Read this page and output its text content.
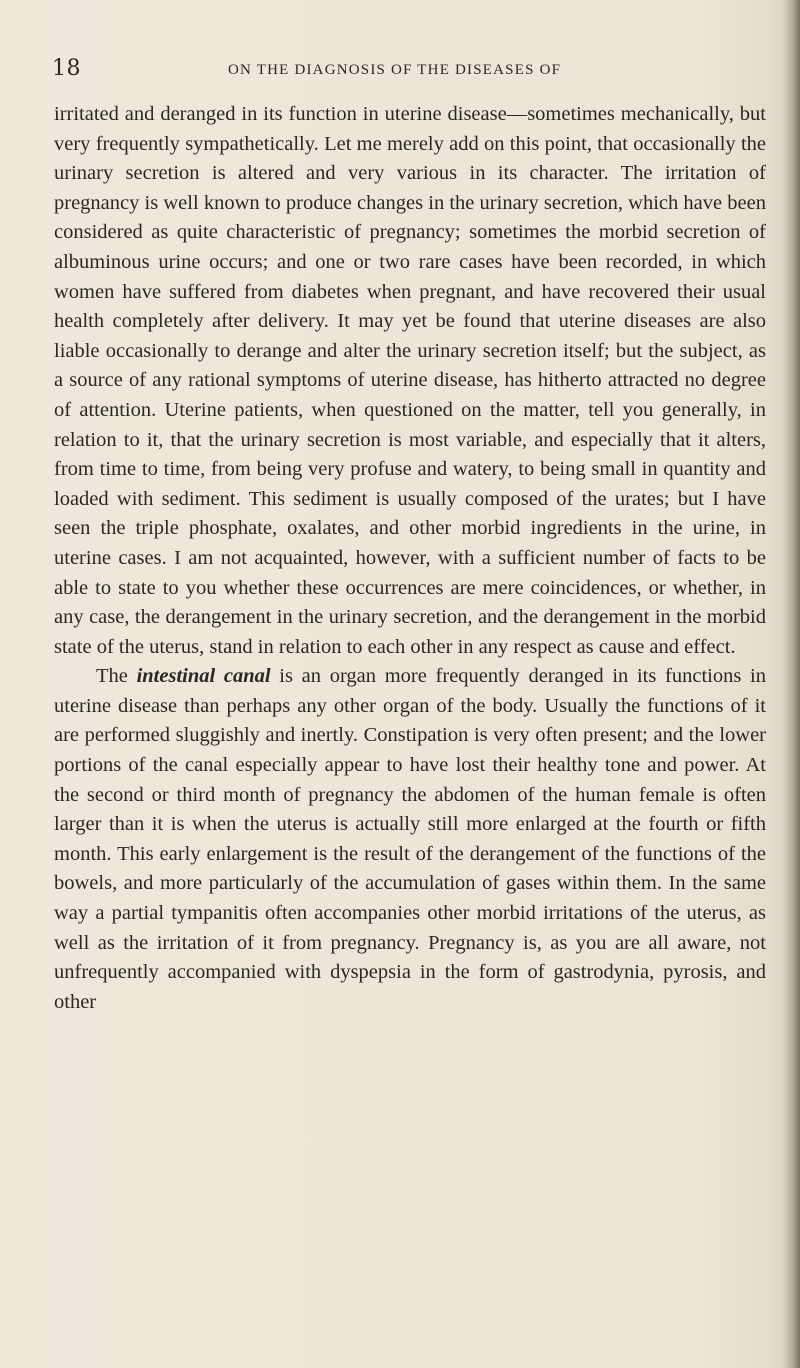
18	ON THE DIAGNOSIS OF THE DISEASES OF

irritated and deranged in its function in uterine disease—sometimes mechanically, but very frequently sympathetically. Let me merely add on this point, that occasionally the urinary secretion is altered and very various in its character. The irritation of pregnancy is well known to produce changes in the urinary secretion, which have been considered as quite characteristic of pregnancy; sometimes the morbid secretion of albuminous urine occurs; and one or two rare cases have been recorded, in which women have suffered from diabetes when pregnant, and have recovered their usual health completely after delivery. It may yet be found that uterine diseases are also liable occasionally to derange and alter the urinary secretion itself; but the subject, as a source of any rational symptoms of uterine disease, has hitherto attracted no degree of attention. Uterine patients, when questioned on the matter, tell you generally, in relation to it, that the urinary secretion is most variable, and especially that it alters, from time to time, from being very profuse and watery, to being small in quantity and loaded with sediment. This sediment is usually composed of the urates; but I have seen the triple phosphate, oxalates, and other morbid ingredients in the urine, in uterine cases. I am not acquainted, however, with a sufficient number of facts to be able to state to you whether these occurrences are mere coincidences, or whether, in any case, the derangement in the urinary secretion, and the derangement in the morbid state of the uterus, stand in relation to each other in any respect as cause and effect.

The intestinal canal is an organ more frequently deranged in its functions in uterine disease than perhaps any other organ of the body. Usually the functions of it are performed sluggishly and inertly. Constipation is very often present; and the lower portions of the canal especially appear to have lost their healthy tone and power. At the second or third month of pregnancy the abdomen of the human female is often larger than it is when the uterus is actually still more enlarged at the fourth or fifth month. This early enlargement is the result of the derangement of the functions of the bowels, and more particularly of the accumulation of gases within them. In the same way a partial tympanitis often accompanies other morbid irritations of the uterus, as well as the irritation of it from pregnancy. Pregnancy is, as you are all aware, not unfrequently accompanied with dyspepsia in the form of gastrodynia, pyrosis, and other
